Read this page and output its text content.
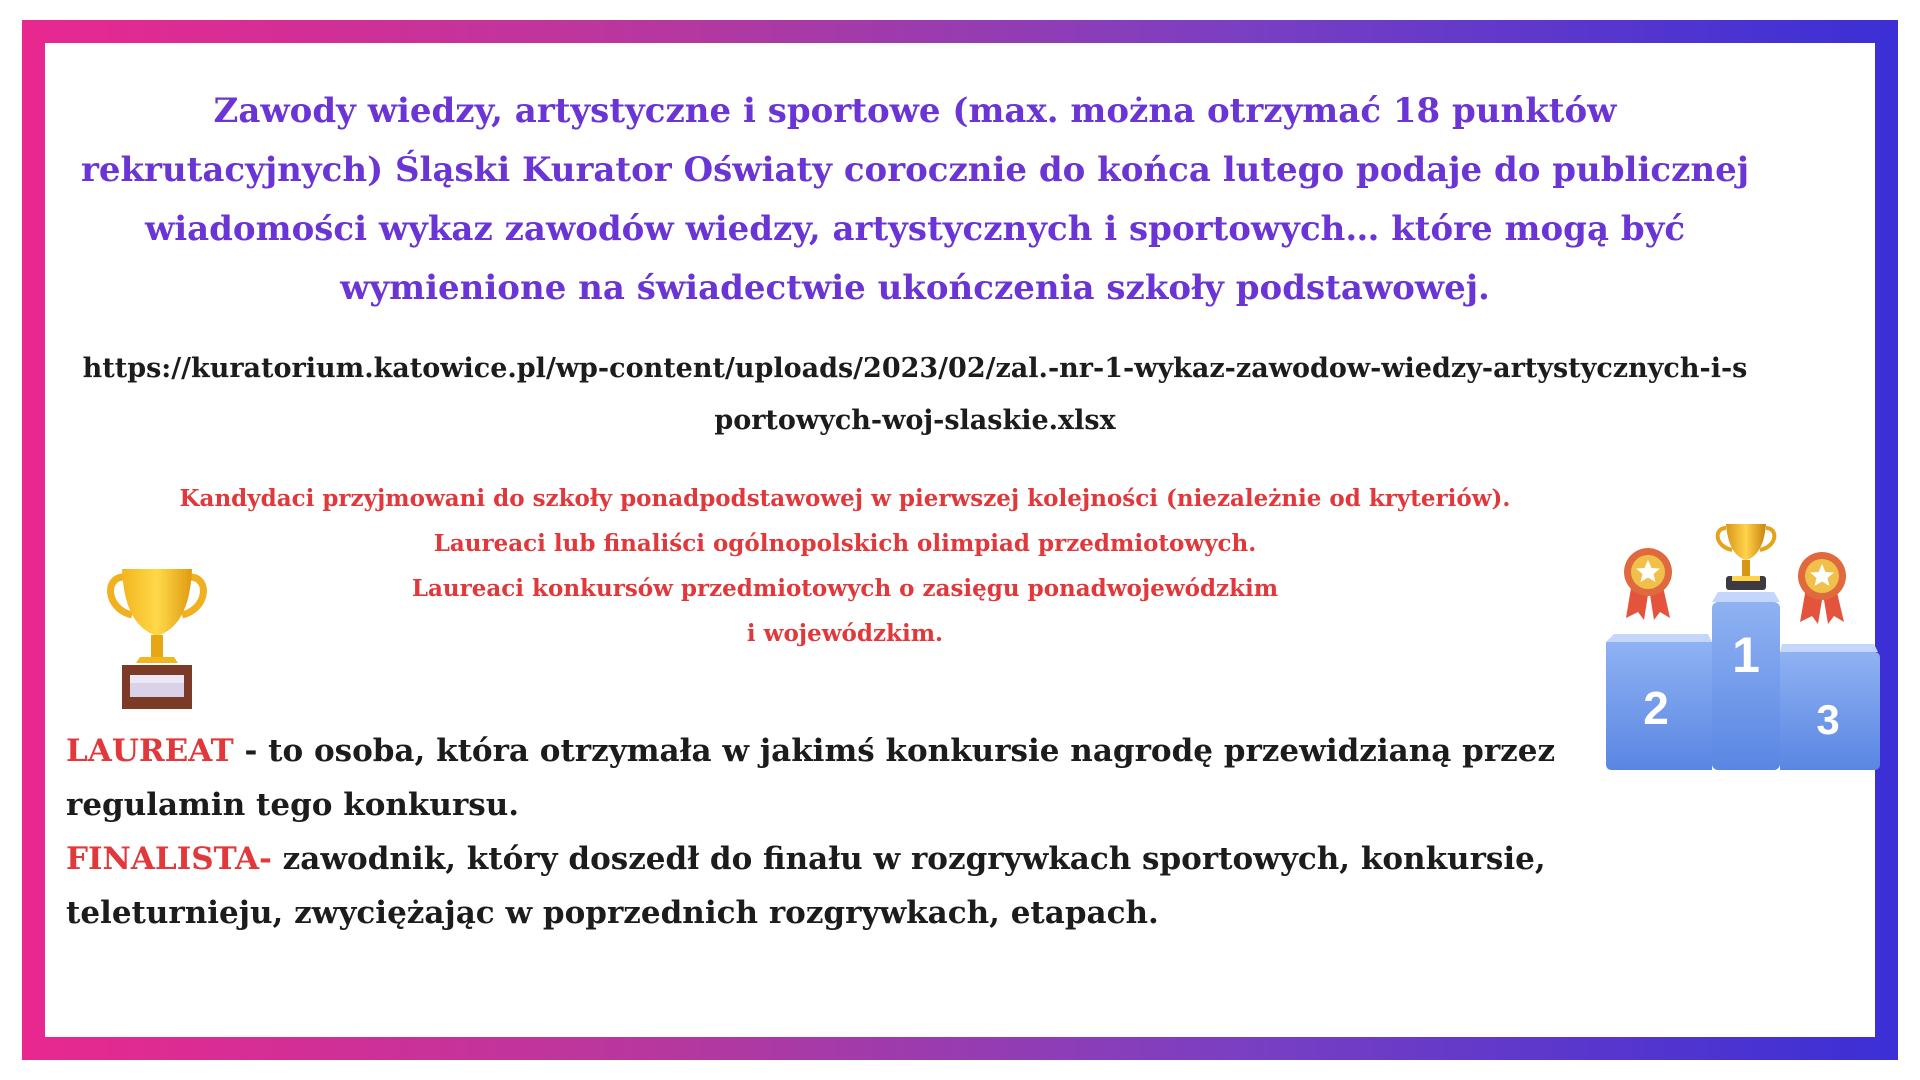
Zawody wiedzy, artystyczne i sportowe (max. można otrzymać 18 punktów rekrutacyjnych) Śląski Kurator Oświaty corocznie do końca lutego podaje do publicznej wiadomości wykaz zawodów wiedzy, artystycznych i sportowych… które mogą być wymienione na świadectwie ukończenia szkoły podstawowej.

https://kuratorium.katowice.pl/wp-content/uploads/2023/02/zal.-nr-1-wykaz-zawodow-wiedzy-artystycznych-i-sportowych-woj-slaskie.xlsx

Kandydaci przyjmowani do szkoły ponadpodstawowej w pierwszej kolejności (niezależnie od kryteriów).
Laureaci lub finaliści ogólnopolskich olimpiad przedmiotowych.
Laureaci konkursów przedmiotowych o zasięgu ponadwojewódzkim
i wojewódzkim.

LAUREAT - to osoba, która otrzymała w jakimś konkursie nagrodę przewidzianą przez regulamin tego konkursu.

FINALISTA- zawodnik, który doszedł do finału w rozgrywkach sportowych, konkursie, teleturnieju, zwyciężając w poprzednich rozgrywkach, etapach.

1
2	3
